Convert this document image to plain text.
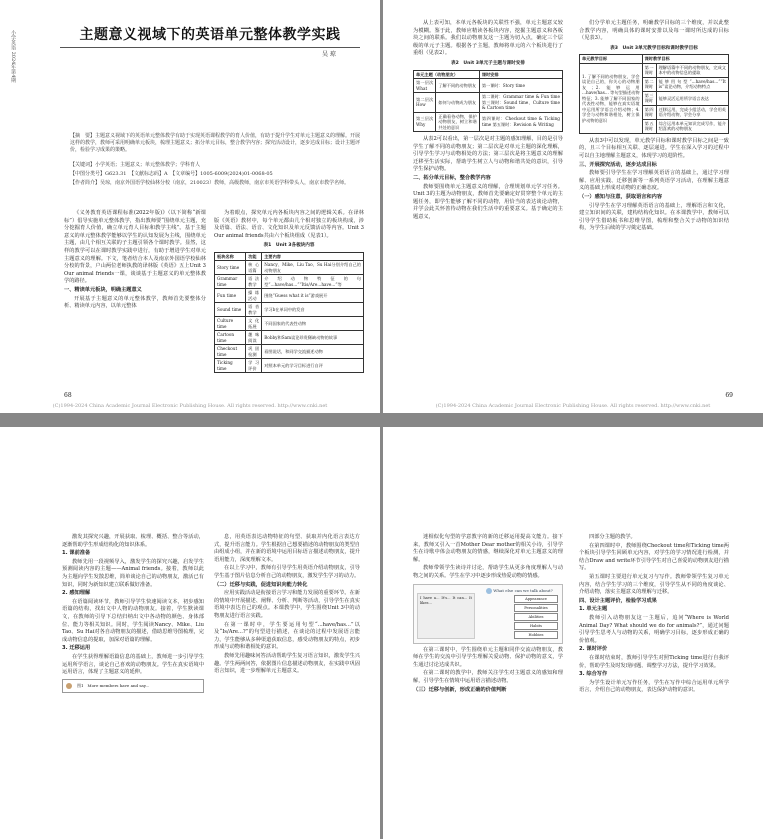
小学英语 2024年第4期	主题意义视域下的英语单元整体教学实践
吴 琼
【摘　要】主题意义视域下的英语单元整体教学有助于实现英语课程教学的育人价值，有助于提升学生对单元主题意义的理解。开展这样的教学，教师可采用明确单元板块，梳理主题意义；拓分单元目标，整合教学内容；探究活动设计，逐步达成目标；设计主题评价，检验学习成果的策略。
【关键词】小学英语；主题意义；单元整体教学；学科育人
【中图分类号】G623.31　【文献标志码】A　【文章编号】1005-6009(2024)01-0068-05
【作者简介】吴琼，南京外国语学校仙林分校（南京，210023）教师，高级教师，南京市英语学科带头人，南京市教学名师。

《义务教育英语课程标准(2022年版)》（以下简称“新课标”）倡导实施单元整体教学，指出教师要“围绕单元主题，充分挖掘育人价值，确立单元育人目标和教学主线”。基于主题意义的单元整体教学能够以学生的认知发展为主线，围绕单元主题，由几个相互关联的子主题引领各个课时教学。显然，这样的教学可以在课时教学实践中进行，有助于增进学生对单元主题意义的理解。下文，笔者结合本人及南京外国语学校仙林分校的背景，户山两位老师执教的译林版《英语》五上Unit 3 Our animal friends一课，谈谈基于主题意义的单元整体教学的路径。

一、精读单元板块，明确主题意义

开展基于主题意义的单元整体教学，教师首先要整体分析、精读单元内容，以单元整体

为着眼点，探究单元内各板块内容之间的逻辑关系。在译林版《英语》教材中，每个单元都由几个相对独立的板块构成，涉及语篇、语法、语音、文化知识及单元反馈活动等内容。Unit 3 Our animal friends共由六个板块组成（见表1）。

表1　Unit 3各板块内容
板块名称	功能	主要内容
Story time	核心语篇	Nancy、Mike、Liu Tao、Su Hai分别介绍自己的动物朋友
Grammar time	语法教学	介绍动物特征的句型“...have/has...”“Itis/Are...have...”等
Fun time	操练活动	围绕“Guess what it is”游戏展开
Sound time	语音教学	学习b在单词中的发音
Culture time	文化拓展	不同国家的代表性动物
Cartoon time	趣味阅读	Bobby和Sam谈论珍贵稀缺动物的故事
Checkout time	巩固检测	看图说话，和同学交流描述动物
Ticking time	学习评价	对照本单元的学习目标进行自评
68
(C)1994-2024 China Academic Journal Electronic Publishing House. All rights reserved. http://www.cnki.net

从上表可知，本单元各板块的关联性不强，单元主题意义较为模糊。鉴于此，教师应精读各板块内容，挖掘主题意义和各板块之间的联系。我们以动物朋友这一主题为切入点，确定三个层级的单元子主题。根据各子主题，教师将单元的六个板块进行了重组（见表2）。

表2　Unit 3单元子主题与课时安排
单元主题（动物朋友）		课时安排
第一层次 What	了解不同的动物朋友	第一课时：Story time
第二层次 How	如何与动物成为朋友	第二课时：Grammar time & Fun time 第三课时：Sound time、Culture time & Cartoon time
第三层次 Why	正确看待动物，保护动物朋友，树立和谐共处的意识	第四课时：Checkout time & Ticking time 第五课时：Revision & Writing

从表2可以看出，第一层次是对主题的感知理解，目的是引导学生了解不同的动物朋友；第二层次是对单元主题的深化理解，引导学生学习与动物相处的方法；第三层次是将主题意义的理解迁移至生活实际，帮助学生树立人与动物和谐共处的意识，引导学生保护动物。

二、拓分单元目标，整合教学内容

教师要围绕单元主题意义的理解，合理规划单元学习任务。Unit 3的主题为动物朋友，教师首先要确定好贯穿整个单元的主题任务，即学生能够了解不同的动物，用恰当的表达谈论动物，并学会此关怀善待动物在我们生活中的重要意义。基于确定的主题意义，

们分学单元主题任务，明确教学目标的三个维度，并以此整合教学内容，明确具体的课时安排以及每一课时所达成的目标（见表3）。

表3　Unit 3单元教学目标和课时教学目标
单元教学目标	课时教学目标	
1. 了解不同的动物朋友，学会谈论自己的，你关心的动物朋友；2. 能够运用 ...have/has... 等句型描述动物特征；3. 能够了解不同国家的代表性动物，能够在真实语境中运用所学语言介绍动物；4. 学会与动物和谐相处，树立保护动物的意识	第一课时	理解语篇中不同的动物朋友，完成文本中的动物信息的提取
	第二课时	能够用句型“...have/has...”“It is”谈论动物，介绍动物特点
	第三课时	能够灵活运用所学语言表达
	第四课时	迁移运用，完成小组活动，学会用英语介绍动物，学会分享
	第五课时	综合运用本单元知识完成写作，能介绍喜欢的动物朋友

从表3中可以发现，单元教学目标和课时教学目标之间是一致的，且三个目标相互关联、逐层递进。学生在深入学习的过程中可以自主地理解主题意义，体现学习的进阶性。

三、开展探究活动，逐步达成目标

教师要引导学生在学习理解英语语言的基础上，通过学习理解、应用实践、迁移创新等一系列英语学习活动，在理解主题意义的基础上形成对动物的正确态度。

（一）感知与注意，获取语言和内容

引导学生在学习理解英语语言的基础上，理解语言和文化，建立知识间的关联，建构结构化知识。在本课教学中，教师可以引导学生借助板书和思维导图，梳理和整合关于动物的知识结构，为学生后续的学习奠定基础。

69
(C)1994-2024 China Academic Journal Electronic Publishing House. All rights reserved. http://www.cnki.net

激发其探究兴趣，开展获取、梳理、概括、整合等活动，逐渐帮助学生形成结构化的知识体系。

1. 课前准备

教师先用一段视频导入，激发学生的探究兴趣，启发学生预测阅读内容的主题——Animal friends。接着，教师以此为主题向学生发散思维，简单谈论自己的动物朋友，激活已有知识，同时为新知识建立联系做好准备。

2. 感知理解

在语篇阅读环节，教师引导学生快速阅读文本，初步感知语篇的结构，找出文中人物的动物朋友。接着，学生默读课文，在教师的引导下总结归纳出文中各动物的颜色、身体部位、能力等相关知识。同时，学生阅读Nancy、Mike、Liu Tao、Su Hai对各自动物朋友的描述，借助思维导图梳理，完成动物信息的提取，加深对语篇的理解。

3. 迁移运用

在学生获得理解语篇信息的基础上，教师进一步引导学生运用所学语言，谈论自己喜欢的动物朋友。学生在真实语境中运用语言，体现了主题意义的延伸。

图1　More members have and say...

息，用英语表达动物特征的句型、获取并内化语言表达方式，提升语言能力。学生根据自己想要描述的动物朋友的类型自由组成小组，并在新的语境中运用目标语言描述动物朋友，提升语用能力，深度理解文本。

在以上学习中，教师有引导学生用英语介绍动物朋友，引导学生基于图片信息分析自己的动物朋友，激发学生学习的动力。

（二）迁移与实践，促进知识向能力转化

应用实践活动是衔接语言学习和能力发展的重要环节。在新的情境中开展描述、阐释、分析、判断等活动，引导学生在真实语境中表达自己的观点。本课教学中，学生围绕Unit 3中的动物朋友进行语言实践。

在第一课时中，学生要运用句型“...have/has...”以及“Is/Are...?”的句型进行描述，在谈论的过程中发展语言能力，学生能够从多种渠道获取信息，感受动物朋友的特点，初步形成与动物和谐相处的意识。

教师先用趣味问答活动帮助学生复习语言知识，激发学生兴趣。学生两两问答，依据图片信息描述动物朋友，在实践中巩固语言知识，进一步理解单元主题意义。

迷相似化句型的学意教字的新的迁移运用提高文能力。接下来，教师又引入一首Mother Dear mother的相关小诗，引导学生在诗歌中体会动物朋友的情感，继续深化对单元主题意义的理解。

教师带领学生读诗并讨论，帮助学生从更多角度理解人与动物之间的关系。学生在学习中逐步形成热爱动物的情感。

I have a... It's... It can... It likes...
What else can we talk about?
Appearance
Personalities
Abilities
Habits
Hobbies

在第三课时中，学生围绕单元主题和同伴交流动物朋友，教师在学生的交流中引导学生理解关爱动物、保护动物的意义，学生通过讨论达成共识。

在第二课时的教学中，教师关注学生对主题意义的感知和理解，引导学生在情境中运用语言描述动物。

（三）迁移与创新，形成正确的价值判断

四部分主题的教学。

在第四课时中，教师围绕Checkout time和Ticking time两个板块引导学生回顾单元内容，对学生的学习情况进行检测，并结合Draw and write环节引导学生对自己喜爱的动物朋友进行描写。

第五课时主要进行单元复习与写作。教师带领学生复习单元内容，结合学生学习的三个维度，引导学生从不同的角度谈论、介绍动物，落实主题意义的理解与迁移。

四、设计主题评价，检验学习成果

1. 单元主题

教师引入动物朋友这一主题后，追问“Where is World Animal Day? What should we do for animals?”，通过问题引导学生思考人与动物的关系，明确学习目标，逐步形成正确的价值观。

2. 课时评价

在课时结束时，教师引导学生对照Ticking time进行自我评价，帮助学生及时发现问题、调整学习方法，提升学习效果。

3. 综合写作

为学生设计单元写作任务，学生在写作中综合运用单元所学语言，介绍自己的动物朋友，表达保护动物的意识。
